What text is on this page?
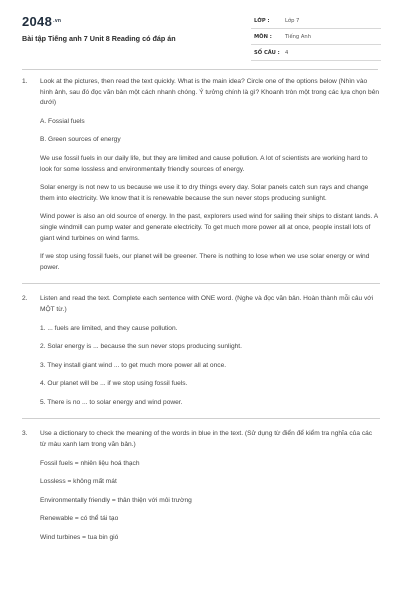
$2048^{.vn}$
Bài tập Tiếng anh 7 Unit 8 Reading có đáp án
LỚP :	Lớp 7
MÔN :	Tiếng Anh
SỐ CÂU : 4
1. Look at the pictures, then read the text quickly. What is the main idea? Circle one of the options below (Nhìn vào hình ảnh, sau đó đọc văn bản một cách nhanh chóng. Ý tưởng chính là gì? Khoanh tròn một trong các lựa chọn bên dưới)

A. Fossial fuels
B. Green sources of energy

We use fossil fuels in our daily life, but they are limited and cause pollution. A lot of scientists are working hard to look for some lossless and environmentally friendly sources of energy.

Solar energy is not new to us because we use it to dry things every day. Solar panels catch sun rays and change them into electricity. We know that it is renewable because the sun never stops producing sunlight.

Wind power is also an old source of energy. In the past, explorers used wind for sailing their ships to distant lands. A single windmill can pump water and generate electricity. To get much more power all at once, people install lots of giant wind turbines on wind farms.

If we stop using fossil fuels, our planet will be greener. There is nothing to lose when we use solar energy or wind power.

2. Listen and read the text. Complete each sentence with ONE word. (Nghe và đọc văn bản. Hoàn thành mỗi câu với MỘT từ.)

1. ... fuels are limited, and they cause pollution.
2. Solar energy is ... because the sun never stops producing sunlight.
3. They install giant wind ... to get much more power all at once.
4. Our planet will be ... if we stop using fossil fuels.
5. There is no ... to solar energy and wind power.
3. Use a dictionary to check the meaning of the words in blue in the text. (Sử dụng từ điển để kiểm tra nghĩa của các từ màu xanh lam trong văn bản.)

Fossil fuels = nhiên liệu hoá thạch
Lossless = không mất mát
Environmentally friendly = thân thiện với môi trường
Renewable = có thể tái tạo
Wind turbines = tua bin gió
